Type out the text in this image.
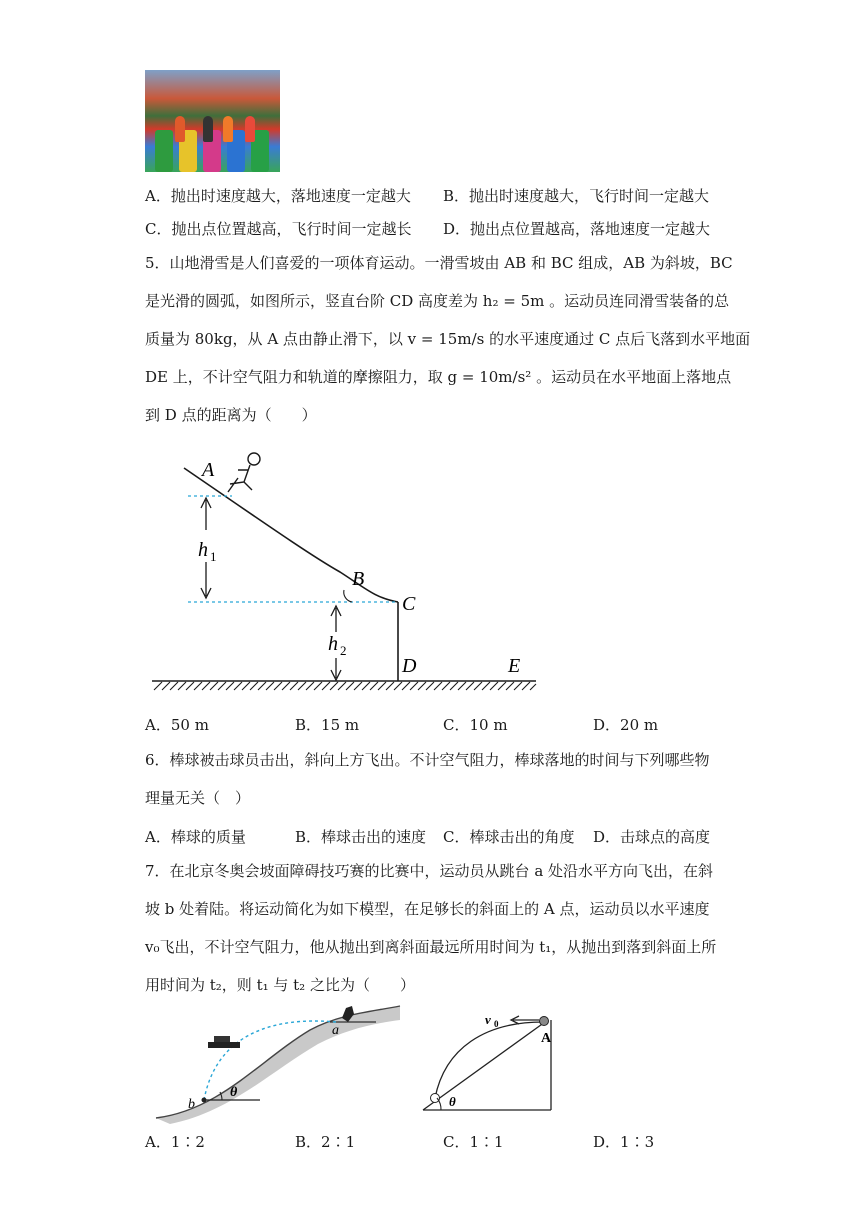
A．抛出时速度越大，落地速度一定越大 B．抛出时速度越大，飞行时间一定越大
C．抛出点位置越高，飞行时间一定越长 D．抛出点位置越高，落地速度一定越大
5．山地滑雪是人们喜爱的一项体育运动。一滑雪坡由 AB 和 BC 组成，AB 为斜坡，BC
是光滑的圆弧，如图所示，竖直台阶 CD 高度差为 h₂ = 5m 。运动员连同滑雪装备的总
质量为 80kg，从 A 点由静止滑下，以 v = 15m/s 的水平速度通过 C 点后飞落到水平地面
DE 上，不计空气阻力和轨道的摩擦阻力，取 g = 10m/s² 。运动员在水平地面上落地点
到 D 点的距离为（　　）
A
B
C
D	E
h 1
h 2
A．50 m	B．15 m	C．10 m	D．20 m
6．棒球被击球员击出，斜向上方飞出。不计空气阻力，棒球落地的时间与下列哪些物
理量无关（　）
A．棒球的质量	B．棒球击出的速度 C．棒球击出的角度 D．击球点的高度
7．在北京冬奥会坡面障碍技巧赛的比赛中，运动员从跳台 a 处沿水平方向飞出，在斜
坡 b 处着陆。将运动简化为如下模型，在足够长的斜面上的 A 点，运动员以水平速度
v₀飞出，不计空气阻力，他从抛出到离斜面最远所用时间为 t₁，从抛出到落到斜面上所
用时间为 t₂，则 t₁ 与 t₂ 之比为（　　）
a
b
θ
v 0
A
θ
A．1∶2	B．2∶1	C．1∶1	D．1∶3
